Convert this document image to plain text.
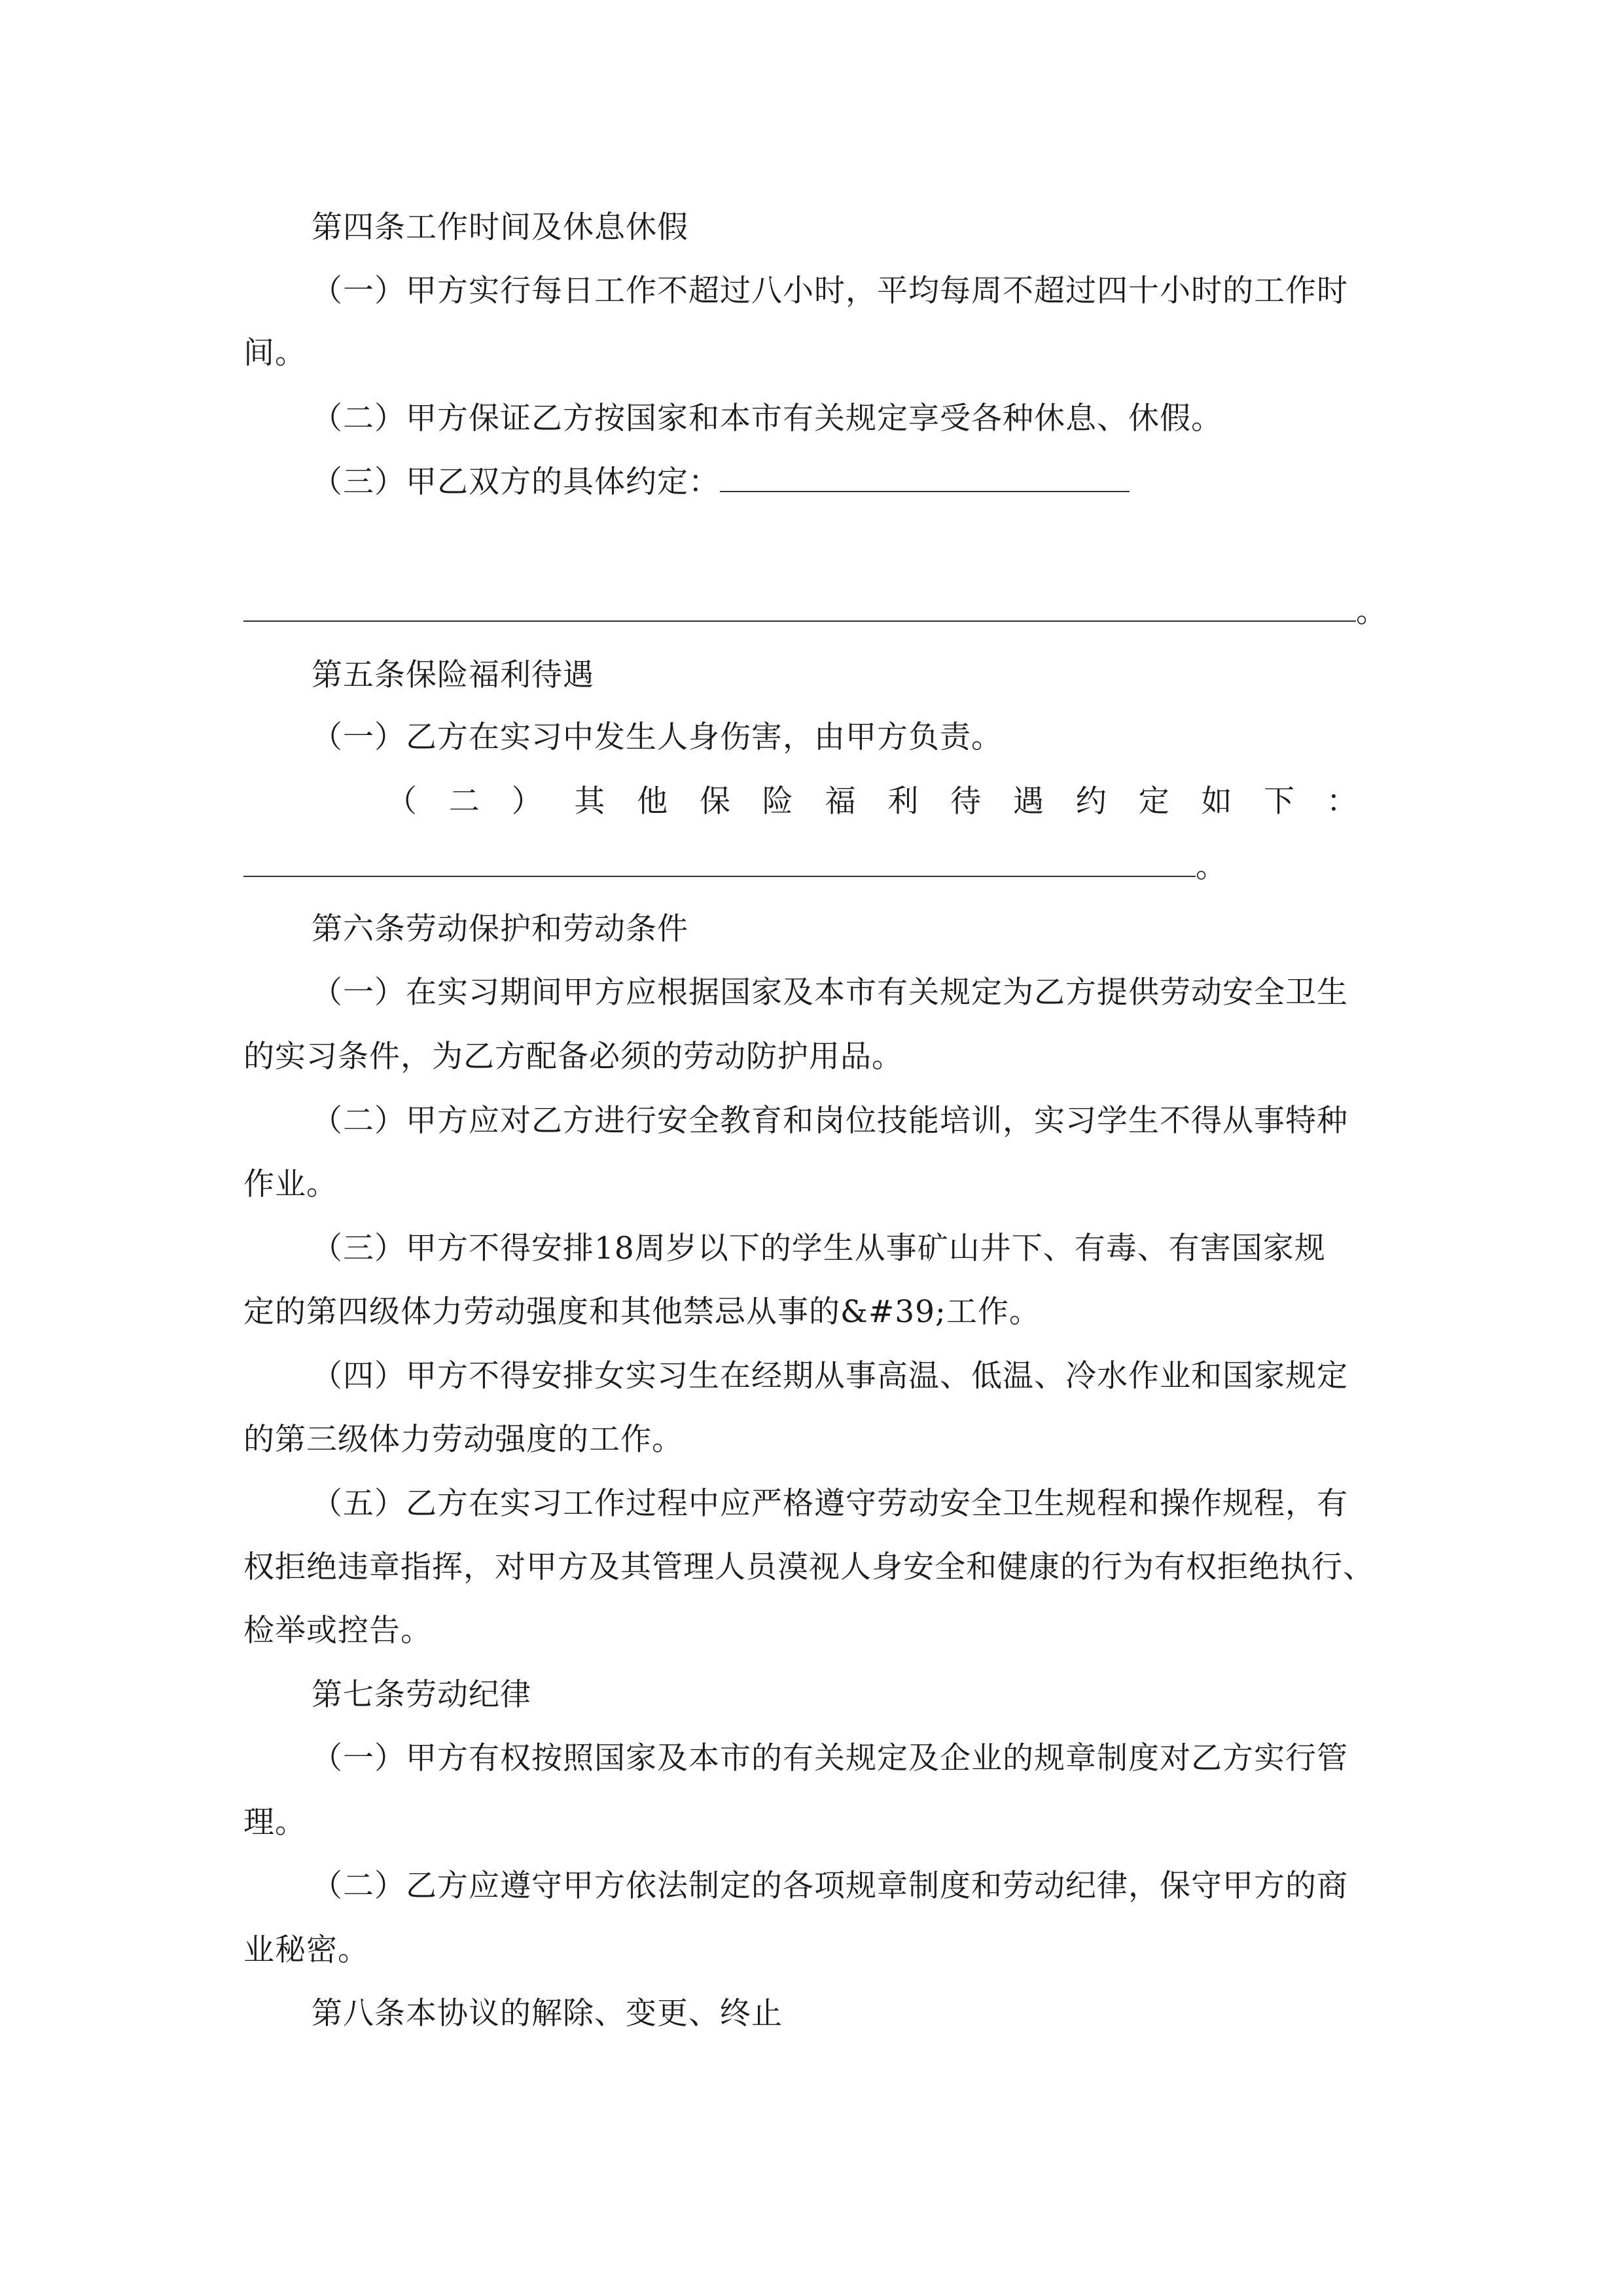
第四条工作时间及休息休假
（一）甲方实行每日工作不超过八小时，平均每周不超过四十小时的工作时
间。
（二）甲方保证乙方按国家和本市有关规定享受各种休息、休假。
（三）甲乙双方的具体约定：
。
第五条保险福利待遇
（一）乙方在实习中发生人身伤害，由甲方负责。
（ 二 ） 其 他 保 险 福 利 待 遇 约 定 如 下 ：
。
第六条劳动保护和劳动条件
（一）在实习期间甲方应根据国家及本市有关规定为乙方提供劳动安全卫生
的实习条件，为乙方配备必须的劳动防护用品。
（二）甲方应对乙方进行安全教育和岗位技能培训，实习学生不得从事特种
作业。
（三）甲方不得安排18周岁以下的学生从事矿山井下、有毒、有害国家规
定的第四级体力劳动强度和其他禁忌从事的&#39;工作。
（四）甲方不得安排女实习生在经期从事高温、低温、冷水作业和国家规定
的第三级体力劳动强度的工作。
（五）乙方在实习工作过程中应严格遵守劳动安全卫生规程和操作规程，有
权拒绝违章指挥，对甲方及其管理人员漠视人身安全和健康的行为有权拒绝执行、
检举或控告。
第七条劳动纪律
（一）甲方有权按照国家及本市的有关规定及企业的规章制度对乙方实行管
理。
（二）乙方应遵守甲方依法制定的各项规章制度和劳动纪律，保守甲方的商
业秘密。
第八条本协议的解除、变更、终止
